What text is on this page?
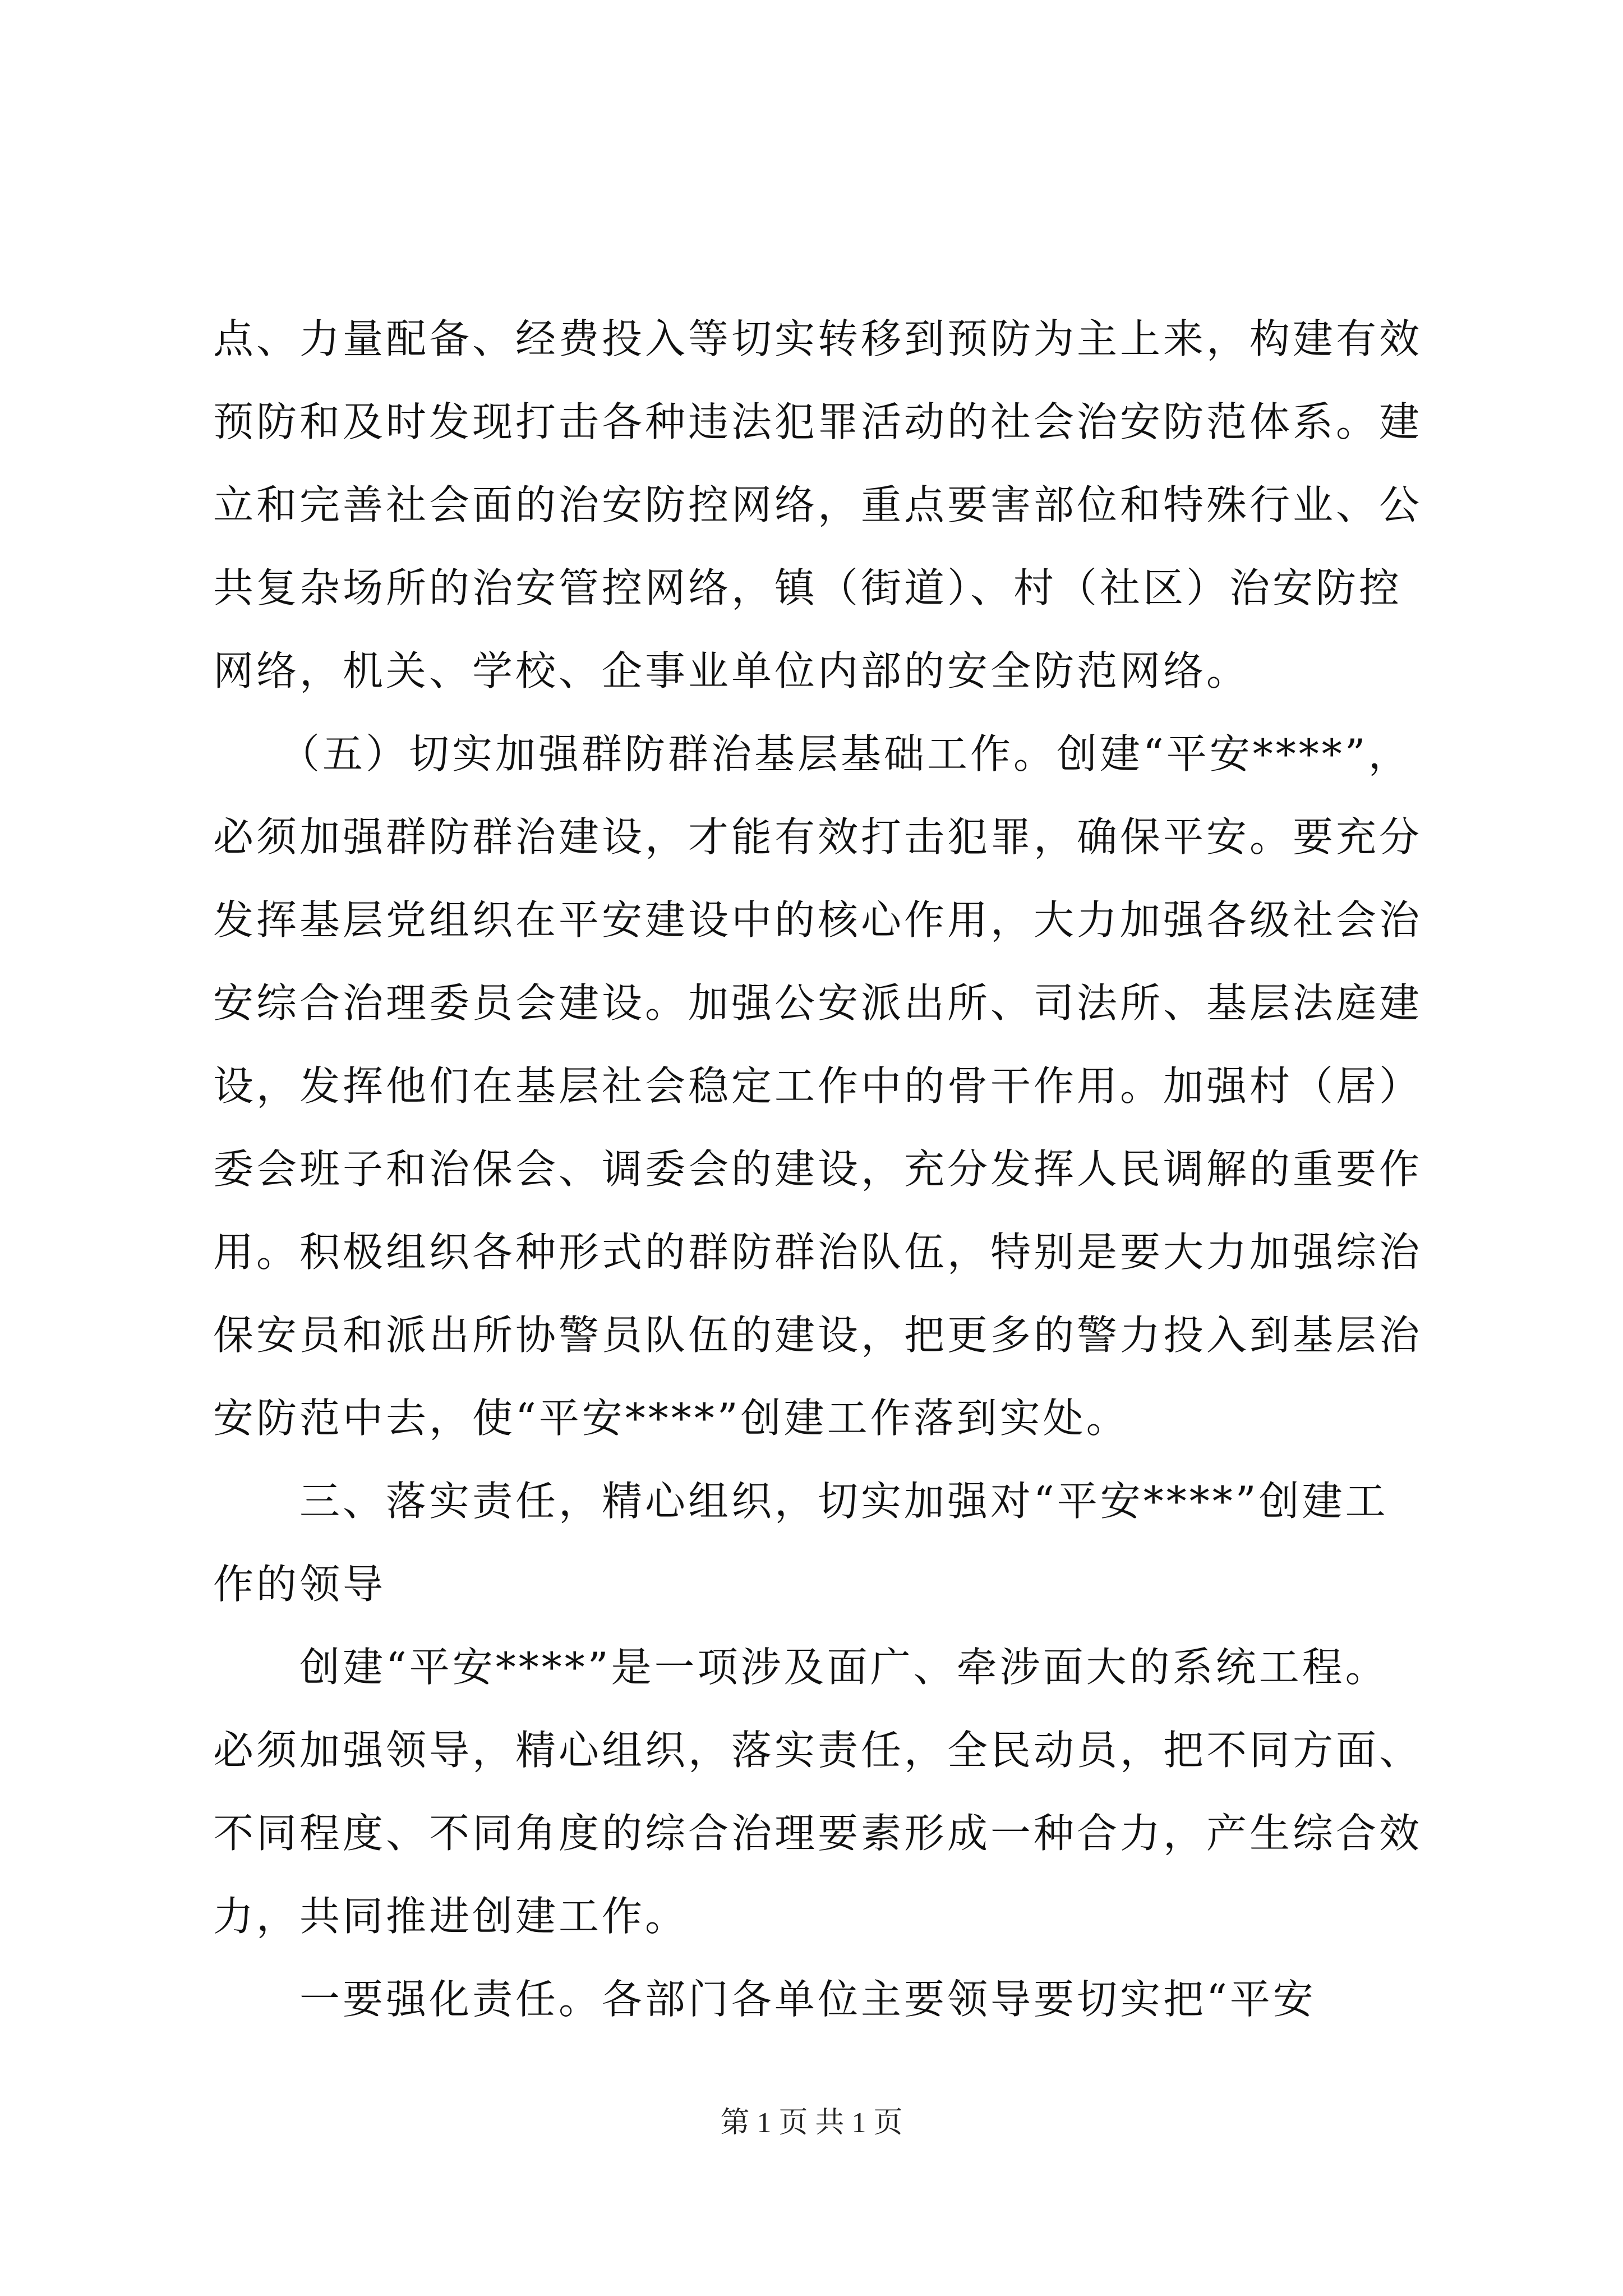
点、力量配备、经费投入等切实转移到预防为主上来，构建有效
预防和及时发现打击各种违法犯罪活动的社会治安防范体系。建
立和完善社会面的治安防控网络，重点要害部位和特殊行业、公
共复杂场所的治安管控网络，镇（街道）、村（社区）治安防控
网络，机关、学校、企事业单位内部的安全防范网络。
　　（五）切实加强群防群治基层基础工作。创建“平安****”，
必须加强群防群治建设，才能有效打击犯罪，确保平安。要充分
发挥基层党组织在平安建设中的核心作用，大力加强各级社会治
安综合治理委员会建设。加强公安派出所、司法所、基层法庭建
设，发挥他们在基层社会稳定工作中的骨干作用。加强村（居）
委会班子和治保会、调委会的建设，充分发挥人民调解的重要作
用。积极组织各种形式的群防群治队伍，特别是要大力加强综治
保安员和派出所协警员队伍的建设，把更多的警力投入到基层治
安防范中去，使“平安****”创建工作落到实处。
　　三、落实责任，精心组织，切实加强对“平安****”创建工
作的领导
　　创建“平安****”是一项涉及面广、牵涉面大的系统工程。
必须加强领导，精心组织，落实责任，全民动员，把不同方面、
不同程度、不同角度的综合治理要素形成一种合力，产生综合效
力，共同推进创建工作。
　　一要强化责任。各部门各单位主要领导要切实把“平安
第 1 页 共 1 页
